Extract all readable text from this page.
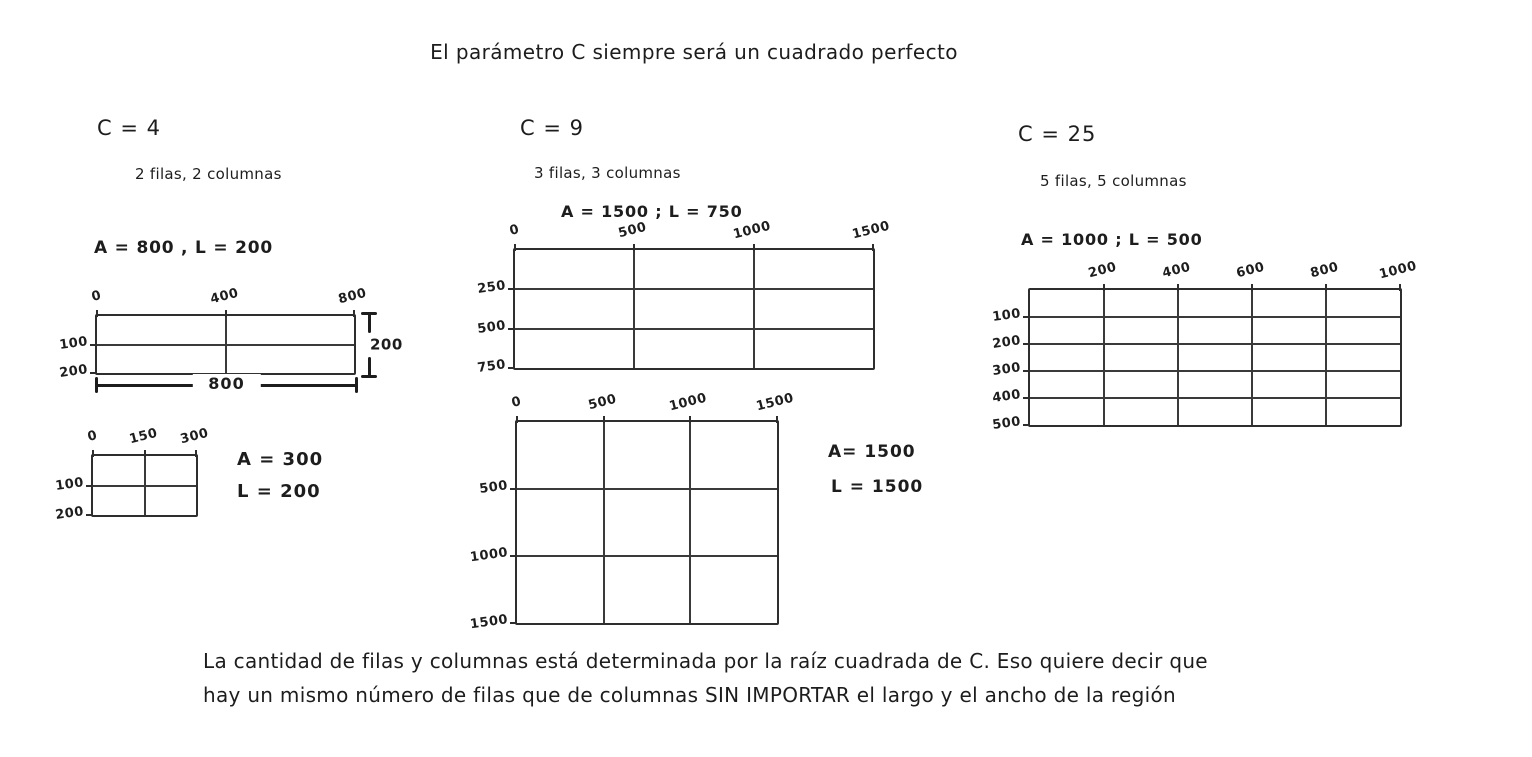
El parámetro C siempre será un cuadrado perfecto
C = 4
2 filas, 2 columnas
A = 800 , L = 200
0	400	800
100
200
800
200
0 150 300
100
200
A = 300
L = 200
C = 9
3 filas, 3 columnas
A = 1500 ; L = 750
0	500	1000	1500
250
500
750
0	500	1000	1500
500
1000
1500
A= 1500
L = 1500
C = 25
5 filas, 5 columnas
A = 1000 ; L = 500
200	400	600	800	1000
100
200
300
400
500
La cantidad de filas y columnas está determinada por la raíz cuadrada de C. Eso quiere decir que
hay un mismo número de filas que de columnas SIN IMPORTAR el largo y el ancho de la región
